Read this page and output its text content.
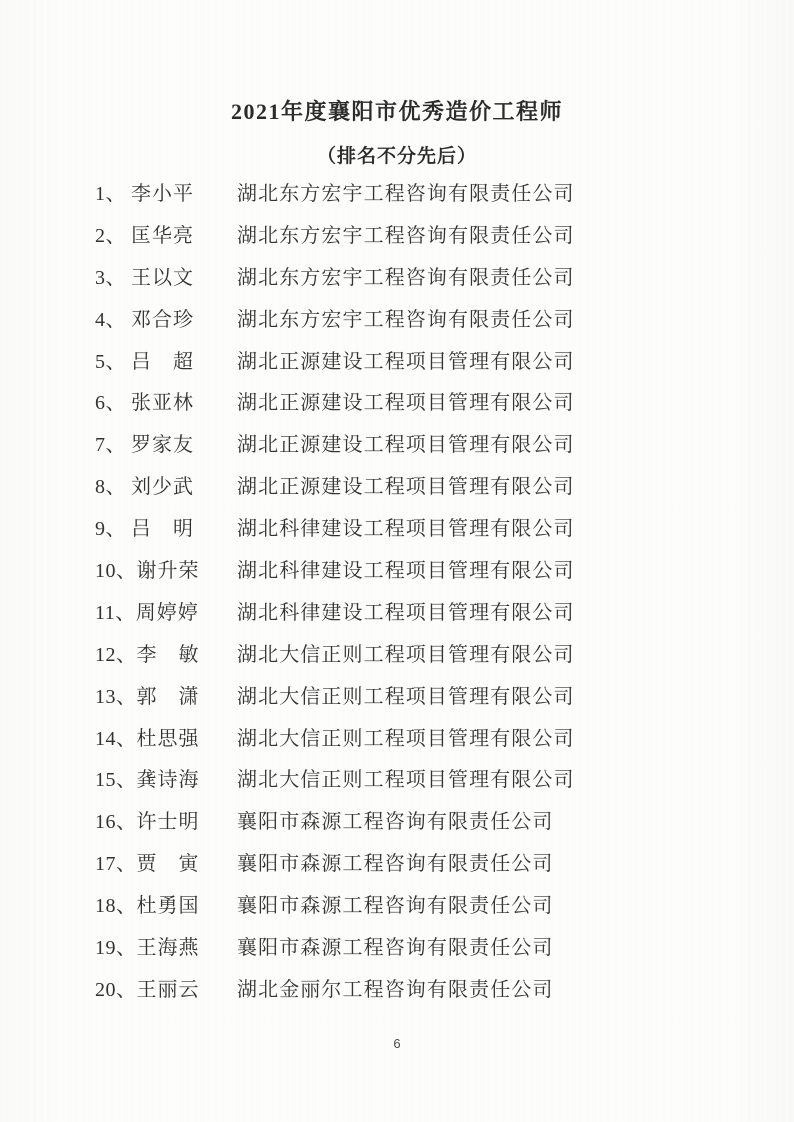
2021年度襄阳市优秀造价工程师
（排名不分先后）
1、 李小平 湖北东方宏宇工程咨询有限责任公司
2、 匡华亮 湖北东方宏宇工程咨询有限责任公司
3、 王以文 湖北东方宏宇工程咨询有限责任公司
4、 邓合珍 湖北东方宏宇工程咨询有限责任公司
5、 吕　超 湖北正源建设工程项目管理有限公司
6、 张亚林 湖北正源建设工程项目管理有限公司
7、 罗家友 湖北正源建设工程项目管理有限公司
8、 刘少武 湖北正源建设工程项目管理有限公司
9、 吕　明 湖北科律建设工程项目管理有限公司
10、谢升荣 湖北科律建设工程项目管理有限公司
11、周婷婷 湖北科律建设工程项目管理有限公司
12、李　敏 湖北大信正则工程项目管理有限公司
13、郭　潇 湖北大信正则工程项目管理有限公司
14、杜思强 湖北大信正则工程项目管理有限公司
15、龚诗海 湖北大信正则工程项目管理有限公司
16、许士明 襄阳市森源工程咨询有限责任公司
17、贾　寅 襄阳市森源工程咨询有限责任公司
18、杜勇国 襄阳市森源工程咨询有限责任公司
19、王海燕 襄阳市森源工程咨询有限责任公司
20、王丽云 湖北金丽尔工程咨询有限责任公司
6
